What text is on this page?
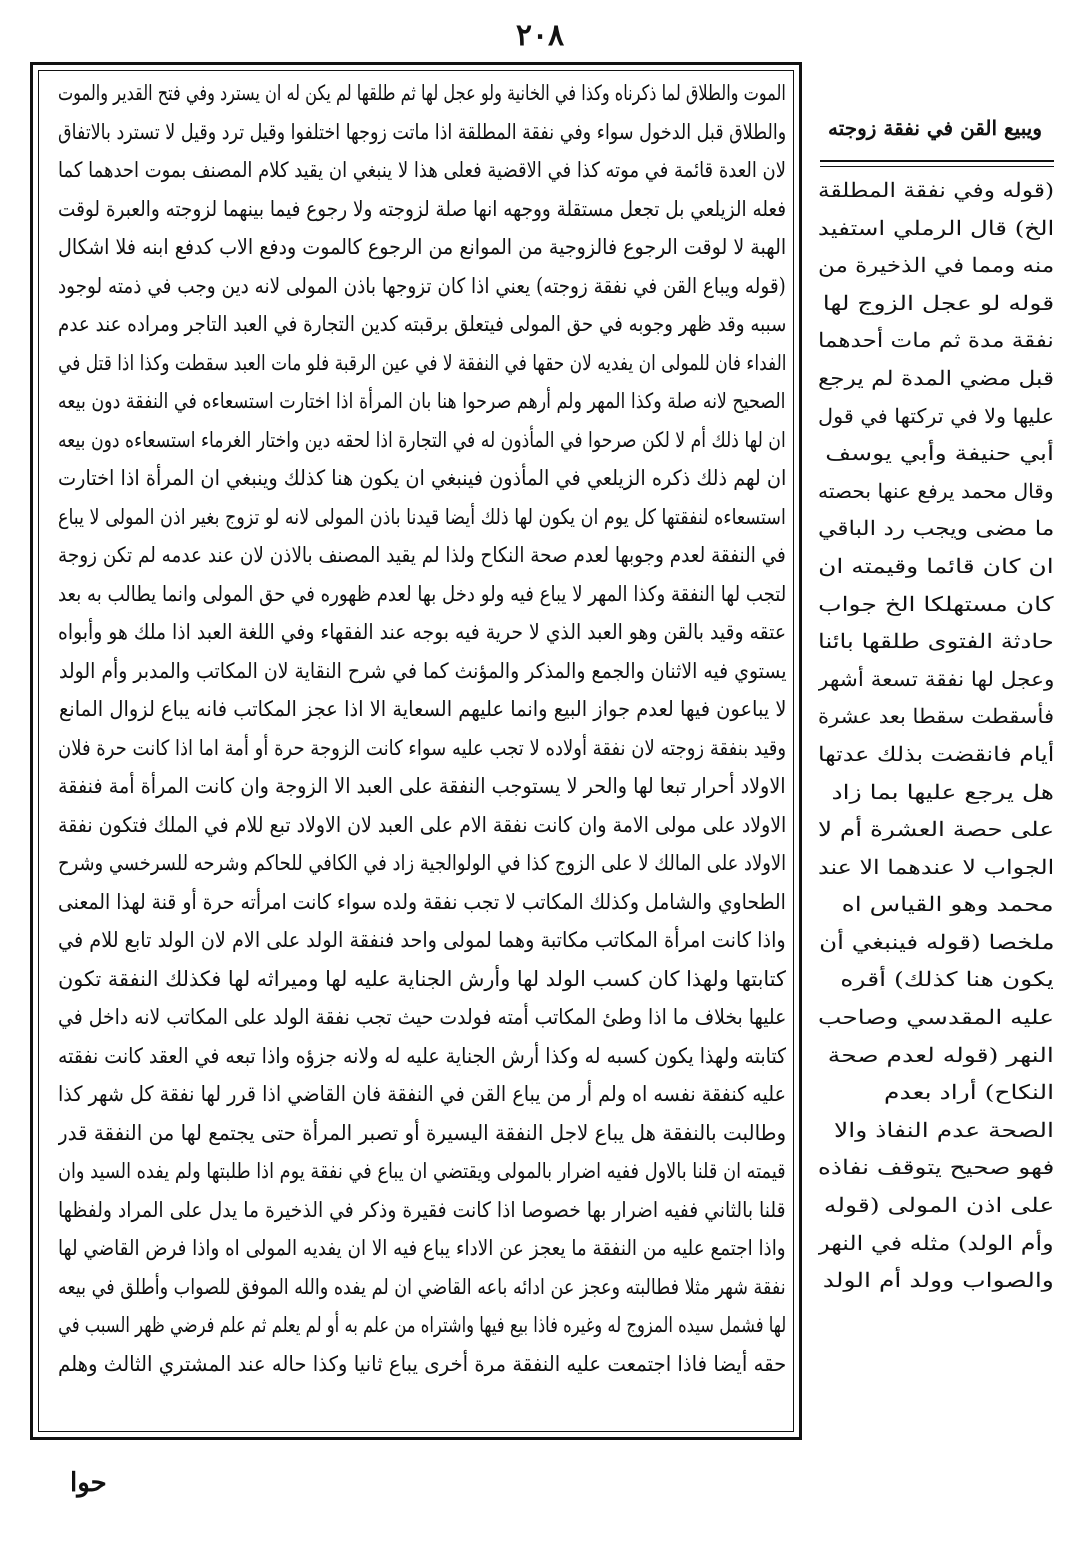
٢٠٨
الموت والطلاق لما ذكرناه وكذا في الخانية ولو عجل لها ثم طلقها لم يكن له ان يسترد وفي فتح القدير والموت
والطلاق قبل الدخول سواء وفي نفقة المطلقة اذا ماتت زوجها اختلفوا وقيل ترد وقيل لا تسترد بالاتفاق
لان العدة قائمة في موته كذا في الاقضية فعلى هذا لا ينبغي ان يقيد كلام المصنف بموت احدهما كما
فعله الزيلعي بل تجعل مستقلة ووجهه انها صلة لزوجته ولا رجوع فيما بينهما لزوجته والعبرة لوقت
الهبة لا لوقت الرجوع فالزوجية من الموانع من الرجوع كالموت ودفع الاب كدفع ابنه فلا اشكال
(قوله ويباع القن في نفقة زوجته) يعني اذا كان تزوجها باذن المولى لانه دين وجب في ذمته لوجود
سببه وقد ظهر وجوبه في حق المولى فيتعلق برقبته كدين التجارة في العبد التاجر ومراده عند عدم
الفداء فان للمولى ان يفديه لان حقها في النفقة لا في عين الرقبة فلو مات العبد سقطت وكذا اذا قتل في
الصحيح لانه صلة وكذا المهر ولم أرهم صرحوا هنا بان المرأة اذا اختارت استسعاءه في النفقة دون بيعه
ان لها ذلك أم لا لكن صرحوا في المأذون له في التجارة اذا لحقه دين واختار الغرماء استسعاءه دون بيعه
ان لهم ذلك ذكره الزيلعي في المأذون فينبغي ان يكون هنا كذلك وينبغي ان المرأة اذا اختارت
استسعاءه لنفقتها كل يوم ان يكون لها ذلك أيضا قيدنا باذن المولى لانه لو تزوج بغير اذن المولى لا يباع
في النفقة لعدم وجوبها لعدم صحة النكاح ولذا لم يقيد المصنف بالاذن لان عند عدمه لم تكن زوجة
لتجب لها النفقة وكذا المهر لا يباع فيه ولو دخل بها لعدم ظهوره في حق المولى وانما يطالب به بعد
عتقه وقيد بالقن وهو العبد الذي لا حرية فيه بوجه عند الفقهاء وفي اللغة العبد اذا ملك هو وأبواه
يستوي فيه الاثنان والجمع والمذكر والمؤنث كما في شرح النقاية لان المكاتب والمدبر وأم الولد
لا يباعون فيها لعدم جواز البيع وانما عليهم السعاية الا اذا عجز المكاتب فانه يباع لزوال المانع
وقيد بنفقة زوجته لان نفقة أولاده لا تجب عليه سواء كانت الزوجة حرة أو أمة اما اذا كانت حرة فلان
الاولاد أحرار تبعا لها والحر لا يستوجب النفقة على العبد الا الزوجة وان كانت المرأة أمة فنفقة
الاولاد على مولى الامة وان كانت نفقة الام على العبد لان الاولاد تبع للام في الملك فتكون نفقة
الاولاد على المالك لا على الزوج كذا في الولوالجية زاد في الكافي للحاكم وشرحه للسرخسي وشرح
الطحاوي والشامل وكذلك المكاتب لا تجب نفقة ولده سواء كانت امرأته حرة أو قنة لهذا المعنى
واذا كانت امرأة المكاتب مكاتبة وهما لمولى واحد فنفقة الولد على الام لان الولد تابع للام في
كتابتها ولهذا كان كسب الولد لها وأرش الجناية عليه لها وميراثه لها فكذلك النفقة تكون
عليها بخلاف ما اذا وطئ المكاتب أمته فولدت حيث تجب نفقة الولد على المكاتب لانه داخل في
كتابته ولهذا يكون كسبه له وكذا أرش الجناية عليه له ولانه جزؤه واذا تبعه في العقد كانت نفقته
عليه كنفقة نفسه اه ولم أر من يباع القن في النفقة فان القاضي اذا قرر لها نفقة كل شهر كذا
وطالبت بالنفقة هل يباع لاجل النفقة اليسيرة أو تصبر المرأة حتى يجتمع لها من النفقة قدر
قيمته ان قلنا بالاول ففيه اضرار بالمولى ويقتضي ان يباع في نفقة يوم اذا طلبتها ولم يفده السيد وان
قلنا بالثاني ففيه اضرار بها خصوصا اذا كانت فقيرة وذكر في الذخيرة ما يدل على المراد ولفظها
واذا اجتمع عليه من النفقة ما يعجز عن الاداء يباع فيه الا ان يفديه المولى اه واذا فرض القاضي لها
نفقة شهر مثلا فطالبته وعجز عن ادائه باعه القاضي ان لم يفده والله الموفق للصواب وأطلق في بيعه
لها فشمل سيده المزوج له وغيره فاذا بيع فيها واشتراه من علم به أو لم يعلم ثم علم فرضي ظهر السبب في
حقه أيضا فاذا اجتمعت عليه النفقة مرة أخرى يباع ثانيا وكذا حاله عند المشتري الثالث وهلم
ويبيع القن في نفقة زوجته
(قوله وفي نفقة المطلقة
الخ) قال الرملي استفيد
منه ومما في الذخيرة من
قوله لو عجل الزوج لها
نفقة مدة ثم مات أحدهما
قبل مضي المدة لم يرجع
عليها ولا في تركتها في قول
أبي حنيفة وأبي يوسف
وقال محمد يرفع عنها بحصته
ما مضى ويجب رد الباقي
ان كان قائما وقيمته ان
كان مستهلكا الخ جواب
حادثة الفتوى طلقها بائنا
وعجل لها نفقة تسعة أشهر
فأسقطت سقطا بعد عشرة
أيام فانقضت بذلك عدتها
هل يرجع عليها بما زاد
على حصة العشرة أم لا
الجواب لا عندهما الا عند
محمد وهو القياس اه
ملخصا (قوله فينبغي أن
يكون هنا كذلك) أقره
عليه المقدسي وصاحب
النهر (قوله لعدم صحة
النكاح) أراد بعدم
الصحة عدم النفاذ والا
فهو صحيح يتوقف نفاذه
على اذن المولى (قوله
وأم الولد) مثله في النهر
والصواب وولد أم الولد
حوا
